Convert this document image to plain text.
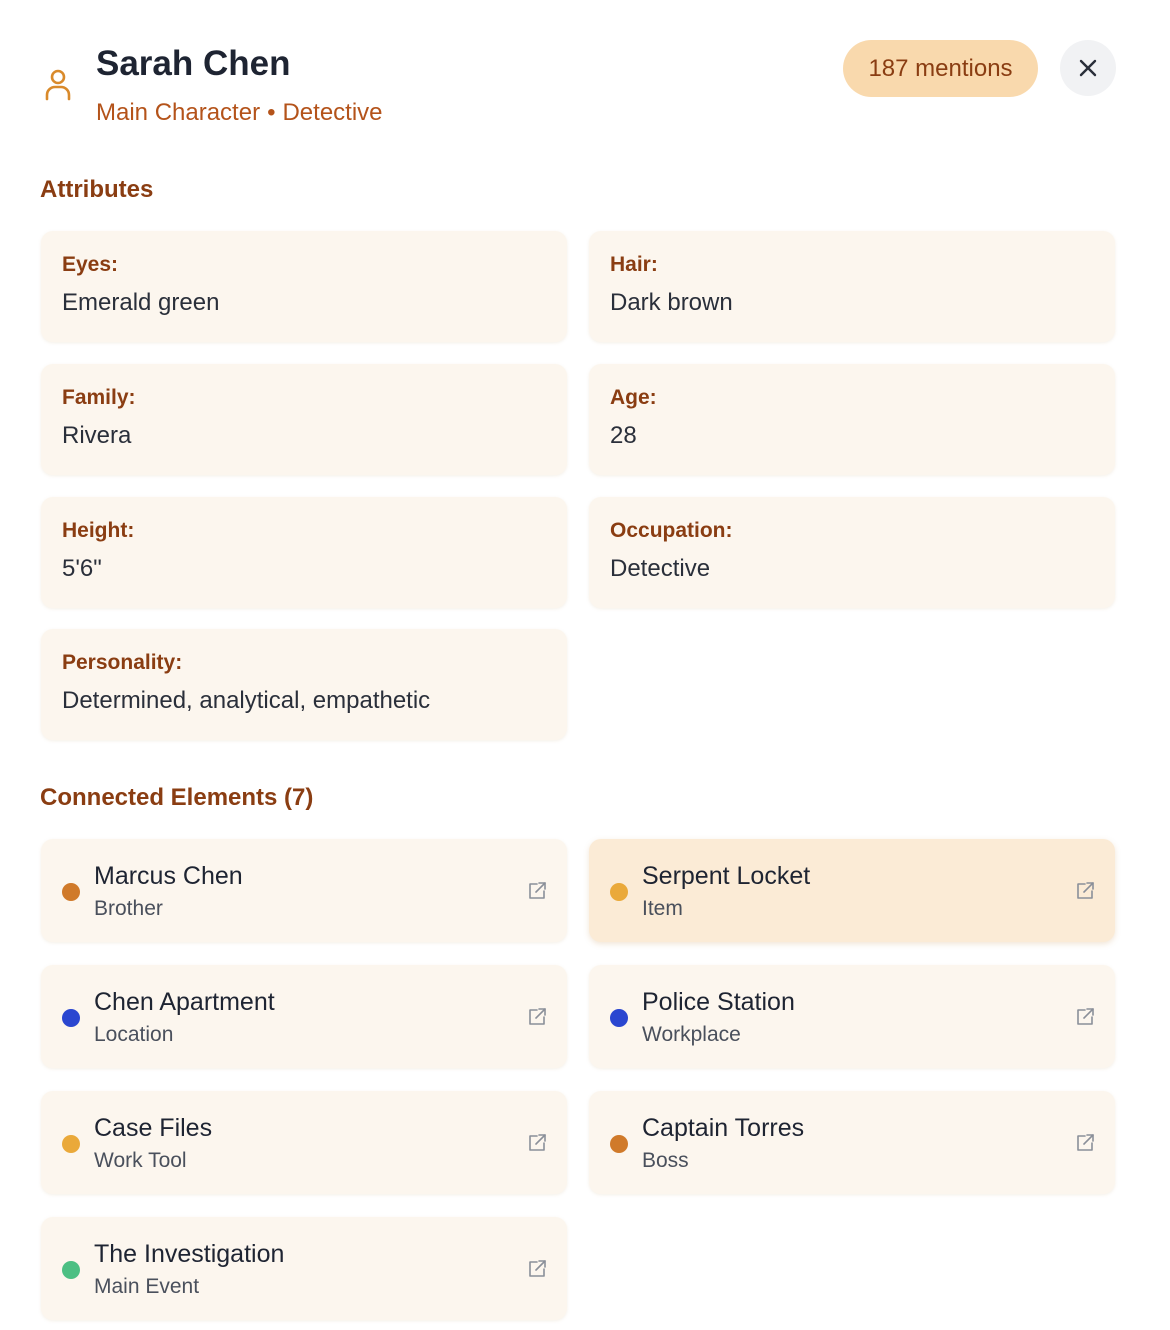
Sarah Chen
Main Character • Detective
187 mentions
Attributes
Eyes:
Emerald green
Hair:
Dark brown
Family:
Rivera
Age:
28
Height:
5'6"
Occupation:
Detective
Personality:
Determined, analytical, empathetic
Connected Elements (7)
Marcus Chen
Brother
Serpent Locket
Item
Chen Apartment
Location
Police Station
Workplace
Case Files
Work Tool
Captain Torres
Boss
The Investigation
Main Event
